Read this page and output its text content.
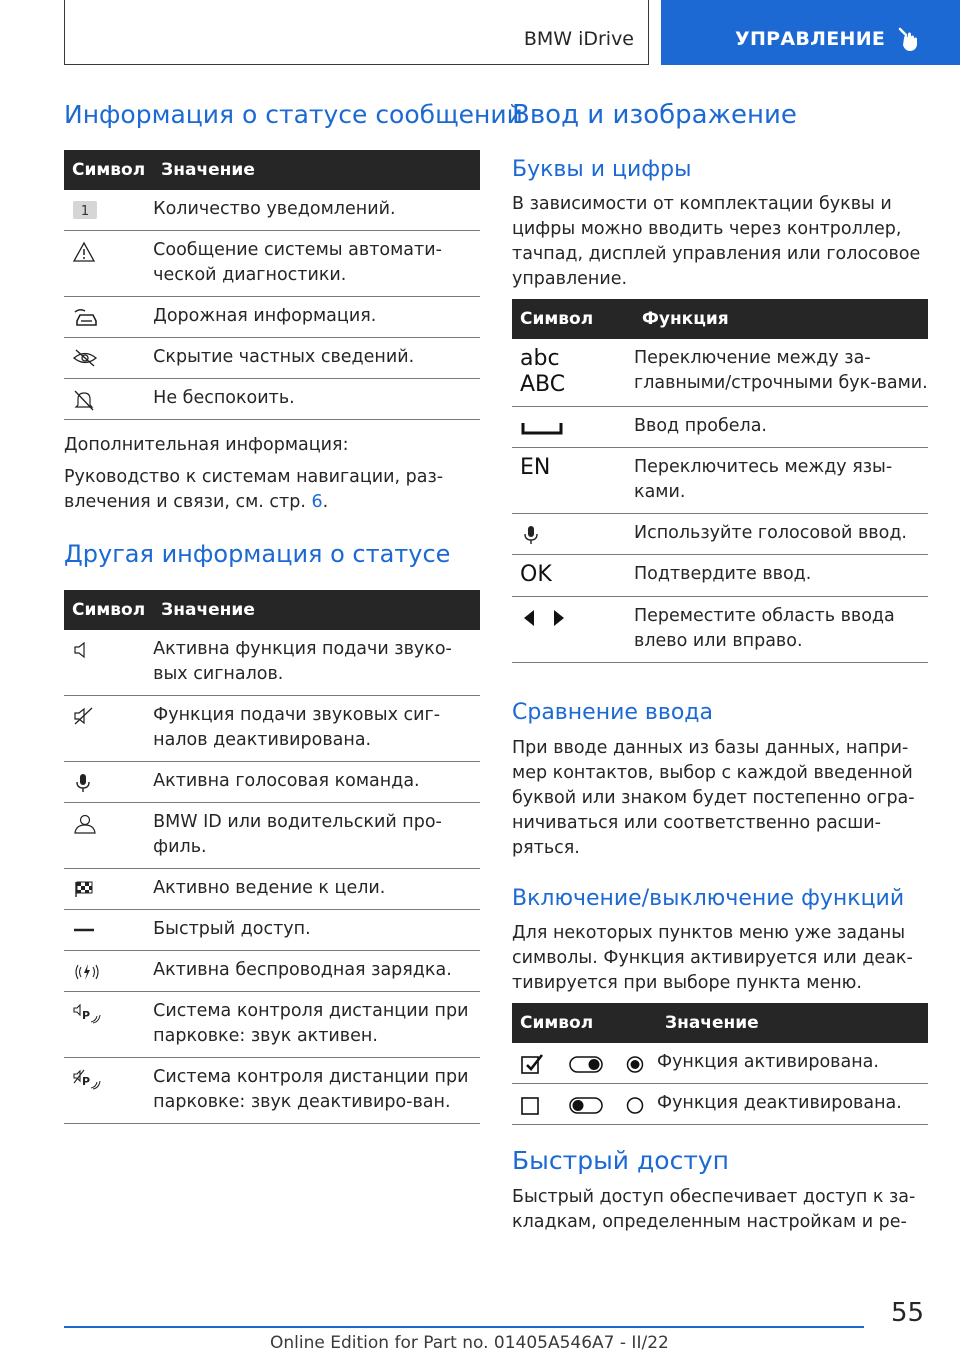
BMW iDrive	УПРАВЛЕНИЕ
Информация о статусе сообщений
Символ	Значение

1	Количество уведомлений.

	Сообщение системы автомати-ческой диагностики.

	Дорожная информация.

	Скрытие частных сведений.

	Не беспокоить.

Дополнительная информация:

Руководство к системам навигации, раз-влечения и связи, см. стр. 6.

Другая информация о статусе
Символ	Значение

	Активна функция подачи звуко-вых сигналов.

	Функция подачи звуковых сиг-налов деактивирована.

	Активна голосовая команда.

	BMW ID или водительский про-филь.

	Активно ведение к цели.

	Быстрый доступ.

	Активна беспроводная зарядка.

P	Система контроля дистанции при парковке: звук активен.

P	Система контроля дистанции при парковке: звук деактивиро-ван.
Ввод и изображение
Буквы и цифры

В зависимости от комплектации буквы и цифры можно вводить через контроллер, тачпад, дисплей управления или голосовое управление.

Символ	Функция

abc
ABC	Переключение между за-главными/строчными бук-вами.

	Ввод пробела.

EN	Переключитесь между язы-ками.

	Используйте голосовой ввод.

OK	Подтвердите ввод.

	Переместите область ввода влево или вправо.
Сравнение ввода

При вводе данных из базы данных, напри-мер контактов, выбор с каждой введенной буквой или знаком будет постепенно огра-ничиваться или соответственно расши-ряться.

Включение/выключение функций

Для некоторых пунктов меню уже заданы символы. Функция активируется или деак-тивируется при выборе пункта меню.

Символ	Значение

	Функция активирована.

	Функция деактивирована.
Быстрый доступ

Быстрый доступ обеспечивает доступ к за-кладкам, определенным настройкам и ре-

55
Online Edition for Part no. 01405A546A7 - II/22
